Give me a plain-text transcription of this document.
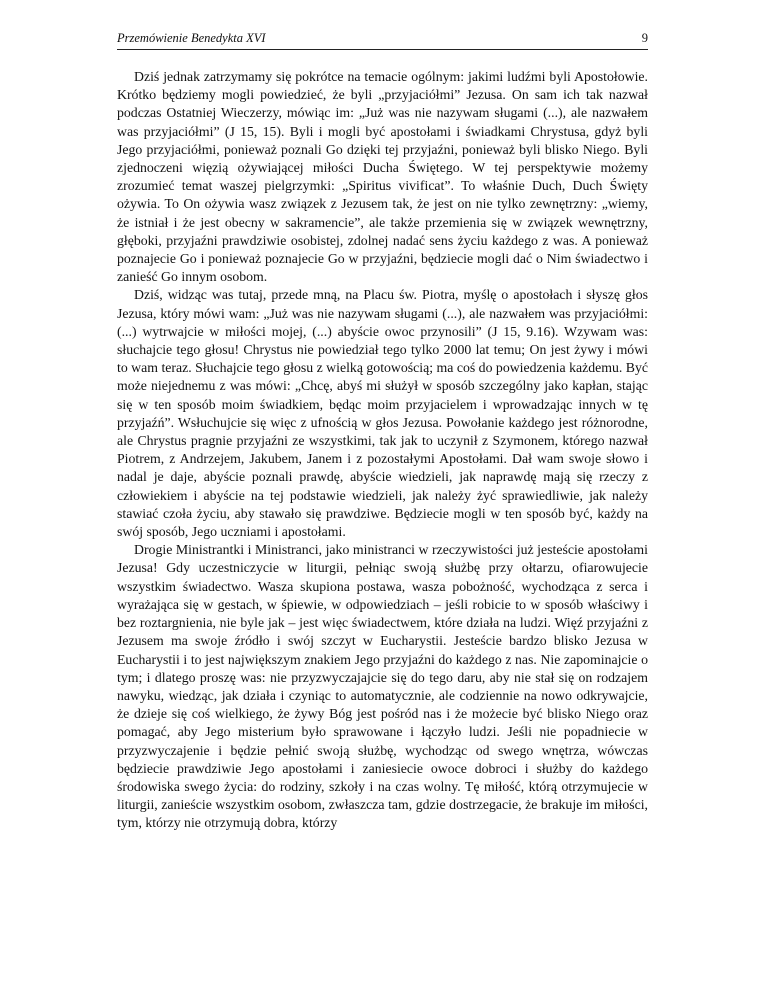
Przemówienie Benedykta XVI	9

Dziś jednak zatrzymamy się pokrótce na temacie ogólnym: jakimi ludźmi byli Apostołowie. Krótko będziemy mogli powiedzieć, że byli „przyjaciółmi” Jezusa. On sam ich tak nazwał podczas Ostatniej Wieczerzy, mówiąc im: „Już was nie nazywam sługami (...), ale nazwałem was przyjaciółmi” (J 15, 15). Byli i mogli być apostołami i świadkami Chrystusa, gdyż byli Jego przyjaciółmi, ponieważ poznali Go dzięki tej przyjaźni, ponieważ byli blisko Niego. Byli zjednoczeni więzią ożywiającej miłości Ducha Świętego. W tej perspektywie możemy zrozumieć temat waszej pielgrzymki: „Spiritus vivificat”. To właśnie Duch, Duch Święty ożywia. To On ożywia wasz związek z Jezusem tak, że jest on nie tylko zewnętrzny: „wiemy, że istniał i że jest obecny w sakramencie”, ale także przemienia się w związek wewnętrzny, głęboki, przyjaźni prawdziwie osobistej, zdolnej nadać sens życiu każdego z was. A ponieważ poznajecie Go i ponieważ poznajecie Go w przyjaźni, będziecie mogli dać o Nim świadectwo i zanieść Go innym osobom.

Dziś, widząc was tutaj, przede mną, na Placu św. Piotra, myślę o apostołach i słyszę głos Jezusa, który mówi wam: „Już was nie nazywam sługami (...), ale nazwałem was przyjaciółmi: (...) wytrwajcie w miłości mojej, (...) abyście owoc przynosili” (J 15, 9.16). Wzywam was: słuchajcie tego głosu! Chrystus nie powiedział tego tylko 2000 lat temu; On jest żywy i mówi to wam teraz. Słuchajcie tego głosu z wielką gotowością; ma coś do powiedzenia każdemu. Być może niejednemu z was mówi: „Chcę, abyś mi służył w sposób szczególny jako kapłan, stając się w ten sposób moim świadkiem, będąc moim przyjacielem i wprowadzając innych w tę przyjaźń”. Wsłuchujcie się więc z ufnością w głos Jezusa. Powołanie każdego jest różnorodne, ale Chrystus pragnie przyjaźni ze wszystkimi, tak jak to uczynił z Szymonem, którego nazwał Piotrem, z Andrzejem, Jakubem, Janem i z pozostałymi Apostołami. Dał wam swoje słowo i nadal je daje, abyście poznali prawdę, abyście wiedzieli, jak naprawdę mają się rzeczy z człowiekiem i abyście na tej podstawie wiedzieli, jak należy żyć sprawiedliwie, jak należy stawiać czoła życiu, aby stawało się prawdziwe. Będziecie mogli w ten sposób być, każdy na swój sposób, Jego uczniami i apostołami.

Drogie Ministrantki i Ministranci, jako ministranci w rzeczywistości już jesteście apostołami Jezusa! Gdy uczestniczycie w liturgii, pełniąc swoją służbę przy ołtarzu, ofiarowujecie wszystkim świadectwo. Wasza skupiona postawa, wasza pobożność, wychodząca z serca i wyrażająca się w gestach, w śpiewie, w odpowiedziach – jeśli robicie to w sposób właściwy i bez roztargnienia, nie byle jak – jest więc świadectwem, które działa na ludzi. Więź przyjaźni z Jezusem ma swoje źródło i swój szczyt w Eucharystii. Jesteście bardzo blisko Jezusa w Eucharystii i to jest największym znakiem Jego przyjaźni do każdego z nas. Nie zapominajcie o tym; i dlatego proszę was: nie przyzwyczajajcie się do tego daru, aby nie stał się on rodzajem nawyku, wiedząc, jak działa i czyniąc to automatycznie, ale codziennie na nowo odkrywajcie, że dzieje się coś wielkiego, że żywy Bóg jest pośród nas i że możecie być blisko Niego oraz pomagać, aby Jego misterium było sprawowane i łączyło ludzi. Jeśli nie popadniecie w przyzwyczajenie i będzie pełnić swoją służbę, wychodząc od swego wnętrza, wówczas będziecie prawdziwie Jego apostołami i zaniesiecie owoce dobroci i służby do każdego środowiska swego życia: do rodziny, szkoły i na czas wolny. Tę miłość, którą otrzymujecie w liturgii, zanieście wszystkim osobom, zwłaszcza tam, gdzie dostrzegacie, że brakuje im miłości, tym, którzy nie otrzymują dobra, którzy
